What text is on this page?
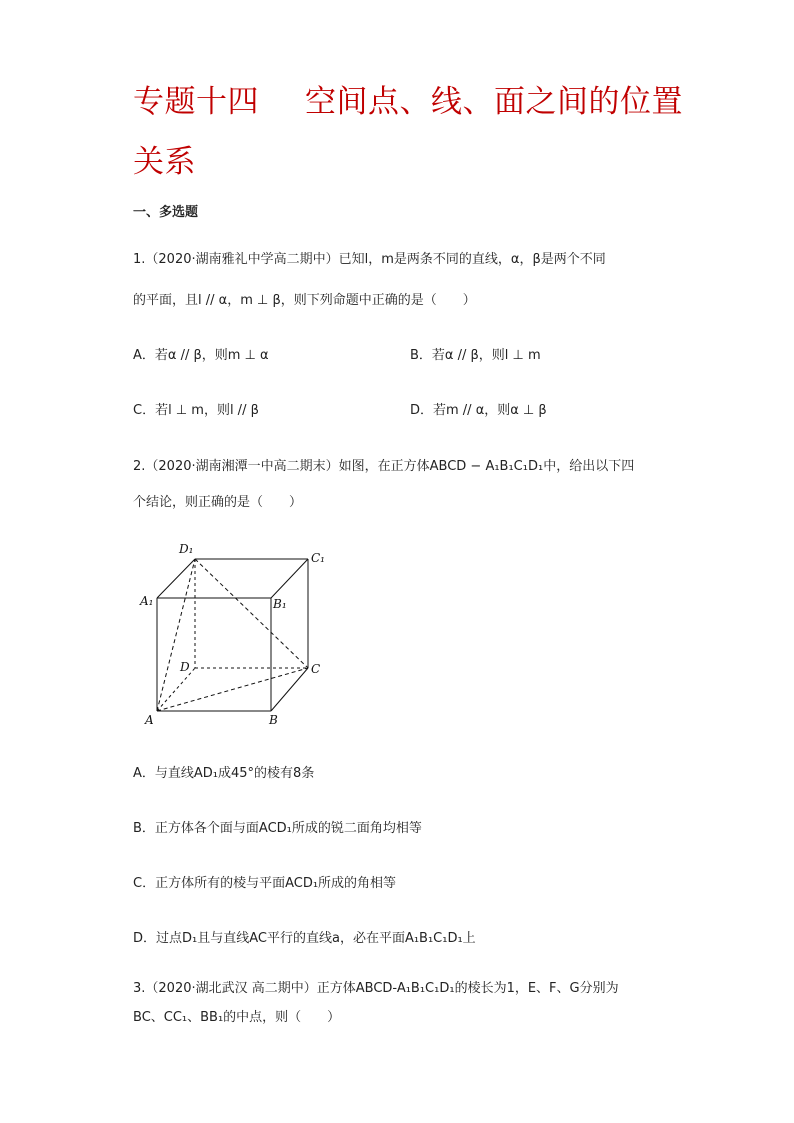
专题十四 空间点、线、面之间的位置
关系
一、多选题
1.（2020·湖南雅礼中学高二期中）已知l，m是两条不同的直线，α，β是两个不同
的平面，且l // α，m ⊥ β，则下列命题中正确的是（　　）
A．若α // β，则m ⊥ α	B．若α // β，则l ⊥ m
C．若l ⊥ m，则l // β	D．若m // α，则α ⊥ β
2.（2020·湖南湘潭一中高二期末）如图，在正方体ABCD − A₁B₁C₁D₁中，给出以下四
个结论，则正确的是（　　）
D₁
C₁
A₁	B₁
D	C
A	B
A．与直线AD₁成45°的棱有8条
B．正方体各个面与面ACD₁所成的锐二面角均相等
C．正方体所有的棱与平面ACD₁所成的角相等
D．过点D₁且与直线AC平行的直线a，必在平面A₁B₁C₁D₁上
3.（2020·湖北武汉 高二期中）正方体ABCD-A₁B₁C₁D₁的棱长为1，E、F、G分别为
BC、CC₁、BB₁的中点，则（　　）
